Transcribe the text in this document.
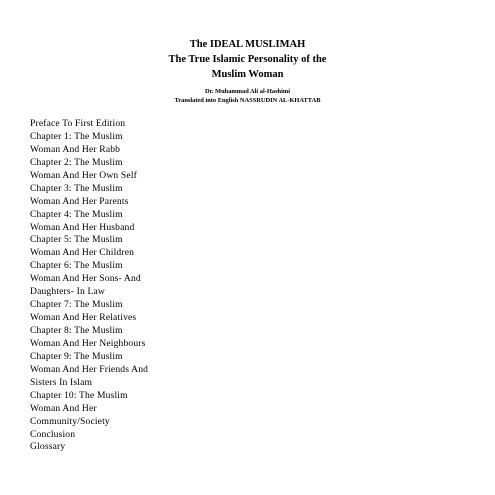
The IDEAL MUSLIMAH
The True Islamic Personality of the
Muslim Woman
Dr. Muhammad Ali al-Hashimi
Translated into English NASSRUDIN AL-KHATTAB
Preface To First Edition
Chapter 1: The Muslim
Woman And Her Rabb
Chapter 2: The Muslim
Woman And Her Own Self
Chapter 3: The Muslim
Woman And Her Parents
Chapter 4: The Muslim
Woman And Her Husband
Chapter 5: The Muslim
Woman And Her Children
Chapter 6: The Muslim
Woman And Her Sons- And
Daughters- In Law
Chapter 7: The Muslim
Woman And Her Relatives
Chapter 8: The Muslim
Woman And Her Neighbours
Chapter 9: The Muslim
Woman And Her Friends And
Sisters In Islam
Chapter 10: The Muslim
Woman And Her
Community/Society
Conclusion
Glossary
